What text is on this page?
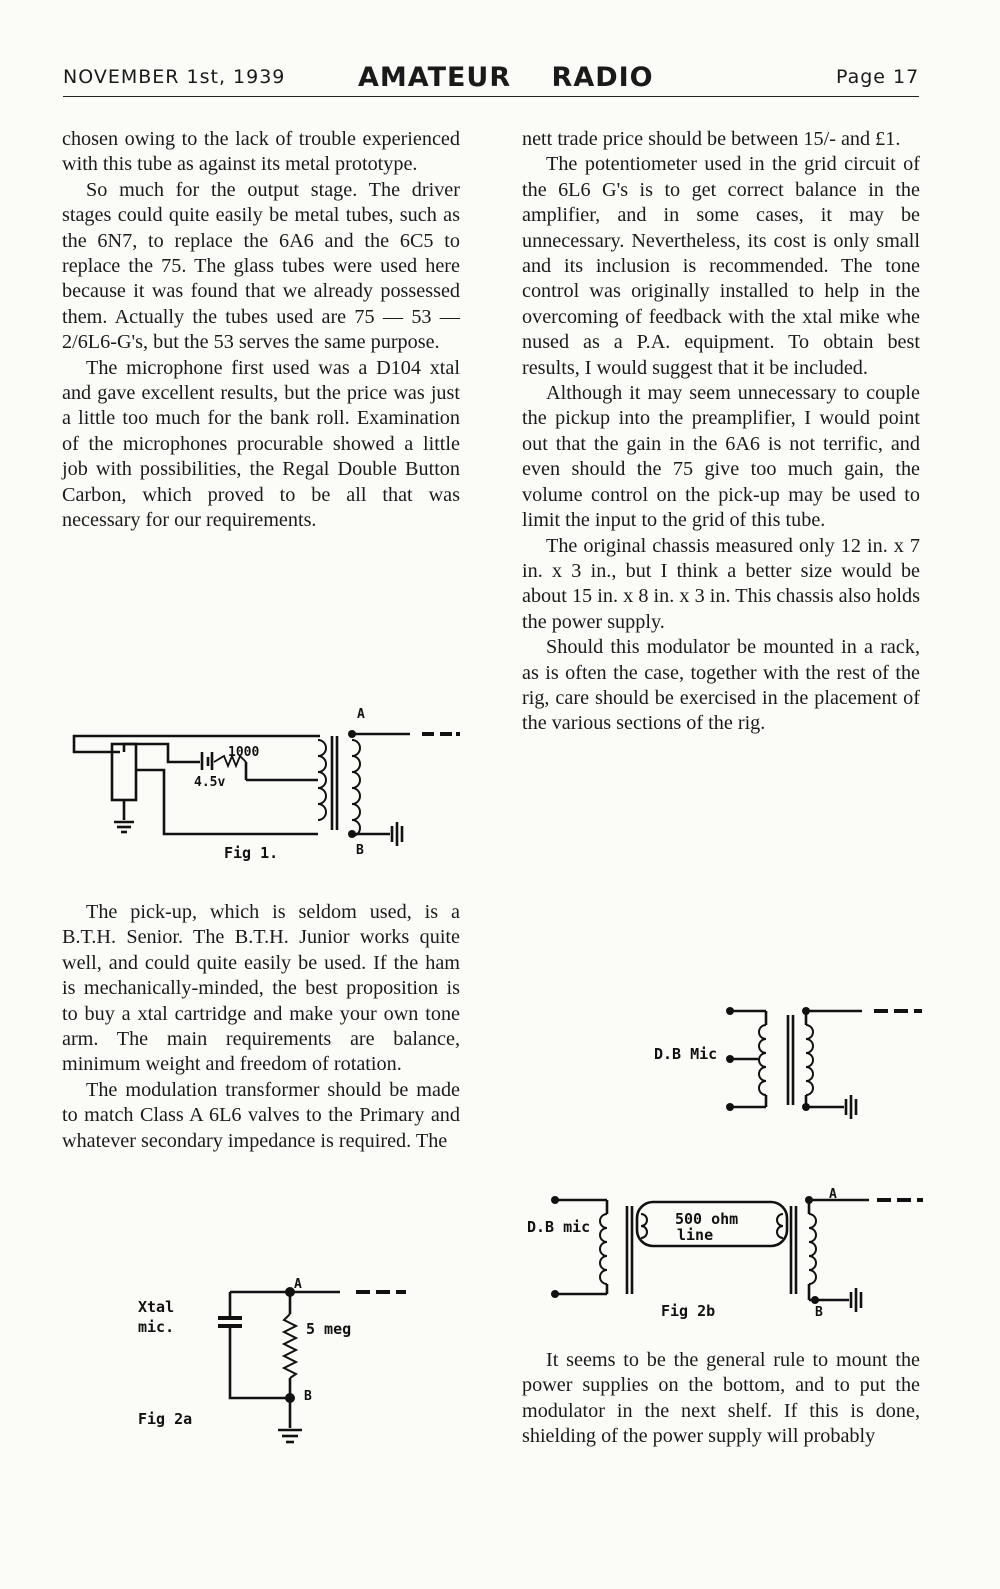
NOVEMBER 1st, 1939	AMATEUR RADIO	Page 17

chosen owing to the lack of trouble experienced with this tube as against its metal prototype.

So much for the output stage. The driver stages could quite easily be metal tubes, such as the 6N7, to replace the 6A6 and the 6C5 to replace the 75. The glass tubes were used here because it was found that we already possessed them. Actually the tubes used are 75 — 53 — 2/6L6-G's, but the 53 serves the same purpose.

The microphone first used was a D104 xtal and gave excellent results, but the price was just a little too much for the bank roll. Examination of the microphones procurable showed a little job with possibilities, the Regal Double Button Carbon, which proved to be all that was necessary for our requirements.

1000
4.5v
A
B
Fig 1.

The pick-up, which is seldom used, is a B.T.H. Senior. The B.T.H. Junior works quite well, and could quite easily be used. If the ham is mechanically-minded, the best proposition is to buy a xtal cartridge and make your own tone arm. The main requirements are balance, minimum weight and freedom of rotation.

The modulation transformer should be made to match Class A 6L6 valves to the Primary and whatever secondary impedance is required. The

Xtal
mic.
A
5 meg
B
Fig 2a

nett trade price should be between 15/- and £1.

The potentiometer used in the grid circuit of the 6L6 G's is to get correct balance in the amplifier, and in some cases, it may be unnecessary. Nevertheless, its cost is only small and its inclusion is recommended. The tone control was originally installed to help in the overcoming of feedback with the xtal mike whe nused as a P.A. equipment. To obtain best results, I would suggest that it be included.

Although it may seem unnecessary to couple the pickup into the preamplifier, I would point out that the gain in the 6A6 is not terrific, and even should the 75 give too much gain, the volume control on the pick-up may be used to limit the input to the grid of this tube.

The original chassis measured only 12 in. x 7 in. x 3 in., but I think a better size would be about 15 in. x 8 in. x 3 in. This chassis also holds the power supply.

Should this modulator be mounted in a rack, as is often the case, together with the rest of the rig, care should be exercised in the placement of the various sections of the rig.

D.B Mic
D.B mic	500 ohm
line
A
B
Fig 2b

It seems to be the general rule to mount the power supplies on the bottom, and to put the modulator in the next shelf. If this is done, shielding of the power supply will probably
